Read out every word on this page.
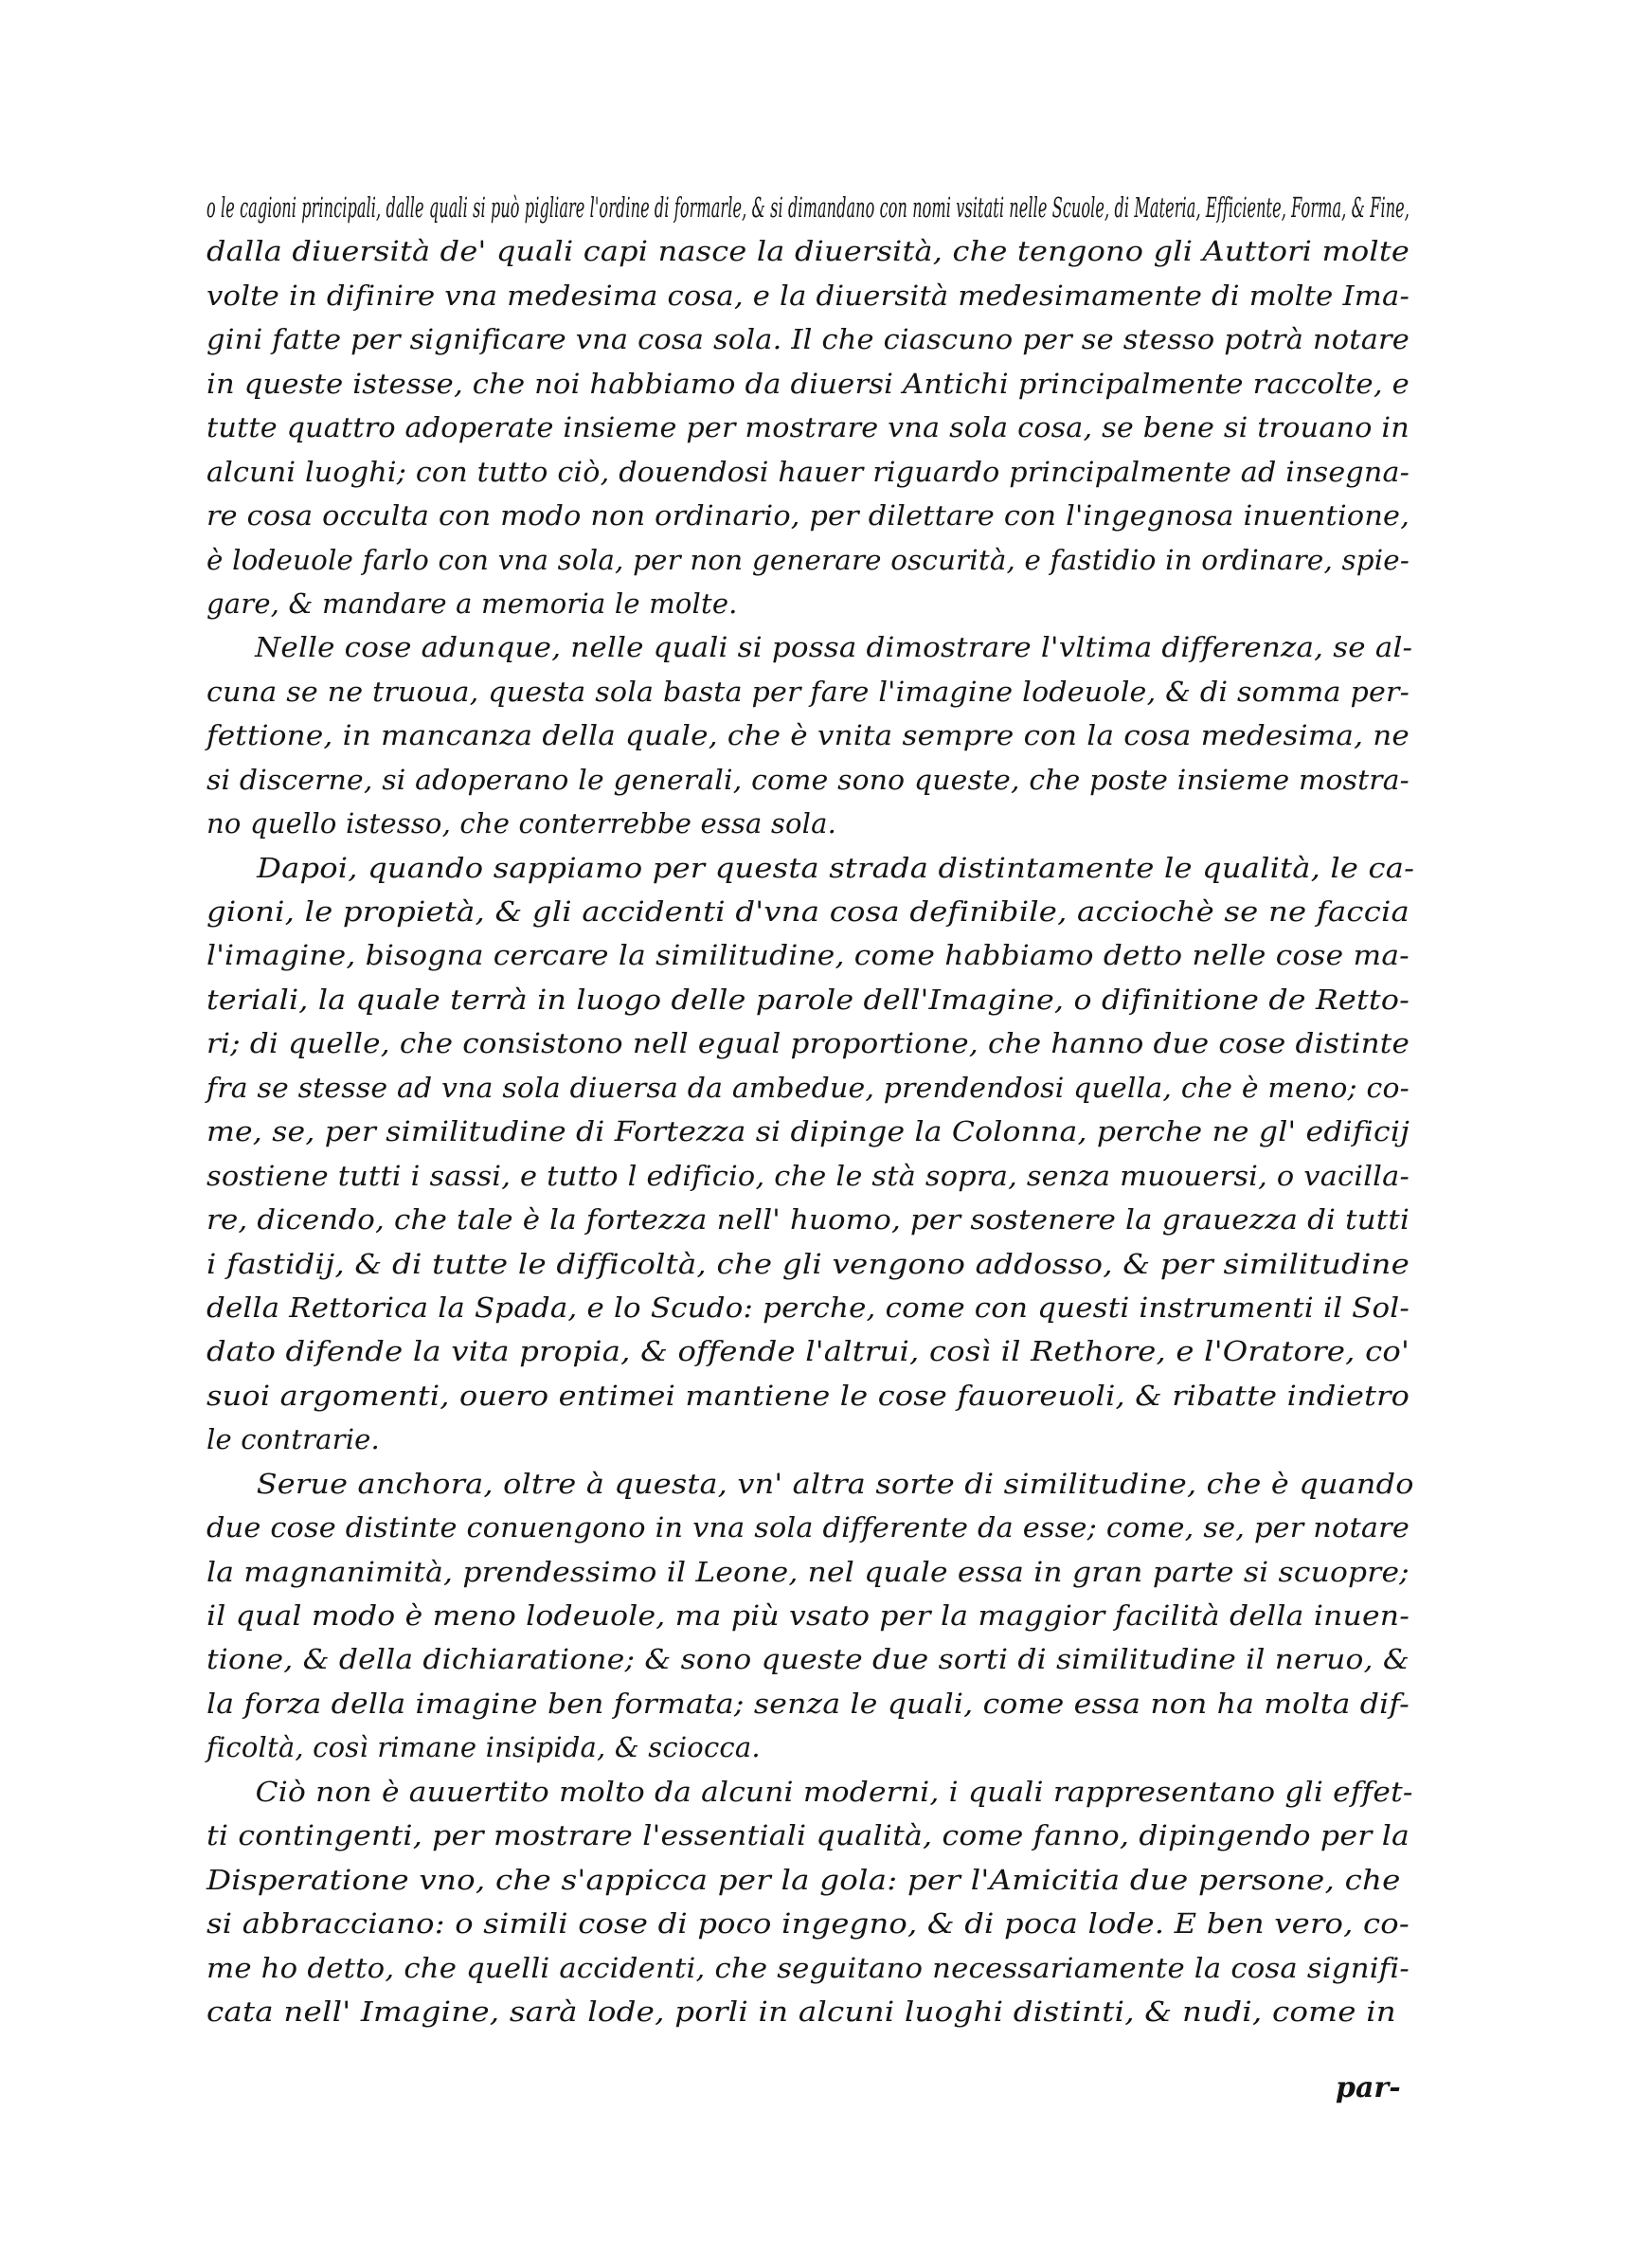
o le cagioni principali, dalle quali si può pigliare l'ordine di formarle, & si dimandano con nomi vsitati nelle Scuole, di Materia, Efficiente, Forma, & Fine,
dalla diuersità de' quali capi nasce la diuersità, che tengono gli Auttori molte
volte in difinire vna medesima cosa, e la diuersità medesimamente di molte Ima-
gini fatte per significare vna cosa sola. Il che ciascuno per se stesso potrà notare
in queste istesse, che noi habbiamo da diuersi Antichi principalmente raccolte, e
tutte quattro adoperate insieme per mostrare vna sola cosa, se bene si trouano in
alcuni luoghi; con tutto ciò, douendosi hauer riguardo principalmente ad insegna-
re cosa occulta con modo non ordinario, per dilettare con l'ingegnosa inuentione,
è lodeuole farlo con vna sola, per non generare oscurità, e fastidio in ordinare, spie-
gare, & mandare a memoria le molte.
Nelle cose adunque, nelle quali si possa dimostrare l'vltima differenza, se al-
cuna se ne truoua, questa sola basta per fare l'imagine lodeuole, & di somma per-
fettione, in mancanza della quale, che è vnita sempre con la cosa medesima, ne
si discerne, si adoperano le generali, come sono queste, che poste insieme mostra-
no quello istesso, che conterrebbe essa sola.
Dapoi, quando sappiamo per questa strada distintamente le qualità, le ca-
gioni, le propietà, & gli accidenti d'vna cosa definibile, acciochè se ne faccia
l'imagine, bisogna cercare la similitudine, come habbiamo detto nelle cose ma-
teriali, la quale terrà in luogo delle parole dell'Imagine, o difinitione de Retto-
ri; di quelle, che consistono nell egual proportione, che hanno due cose distinte
fra se stesse ad vna sola diuersa da ambedue, prendendosi quella, che è meno; co-
me, se, per similitudine di Fortezza si dipinge la Colonna, perche ne gl' edificij
sostiene tutti i sassi, e tutto l edificio, che le stà sopra, senza muouersi, o vacilla-
re, dicendo, che tale è la fortezza nell' huomo, per sostenere la grauezza di tutti
i fastidij, & di tutte le difficoltà, che gli vengono addosso, & per similitudine
della Rettorica la Spada, e lo Scudo: perche, come con questi instrumenti il Sol-
dato difende la vita propia, & offende l'altrui, così il Rethore, e l'Oratore, co'
suoi argomenti, ouero entimei mantiene le cose fauoreuoli, & ribatte indietro
le contrarie.
Serue anchora, oltre à questa, vn' altra sorte di similitudine, che è quando
due cose distinte conuengono in vna sola differente da esse; come, se, per notare
la magnanimità, prendessimo il Leone, nel quale essa in gran parte si scuopre;
il qual modo è meno lodeuole, ma più vsato per la maggior facilità della inuen-
tione, & della dichiaratione; & sono queste due sorti di similitudine il neruo, &
la forza della imagine ben formata; senza le quali, come essa non ha molta dif-
ficoltà, così rimane insipida, & sciocca.
Ciò non è auuertito molto da alcuni moderni, i quali rappresentano gli effet-
ti contingenti, per mostrare l'essentiali qualità, come fanno, dipingendo per la
Disperatione vno, che s'appicca per la gola: per l'Amicitia due persone, che
si abbracciano: o simili cose di poco ingegno, & di poca lode. E ben vero, co-
me ho detto, che quelli accidenti, che seguitano necessariamente la cosa signifi-
cata nell' Imagine, sarà lode, porli in alcuni luoghi distinti, & nudi, come in
par-
